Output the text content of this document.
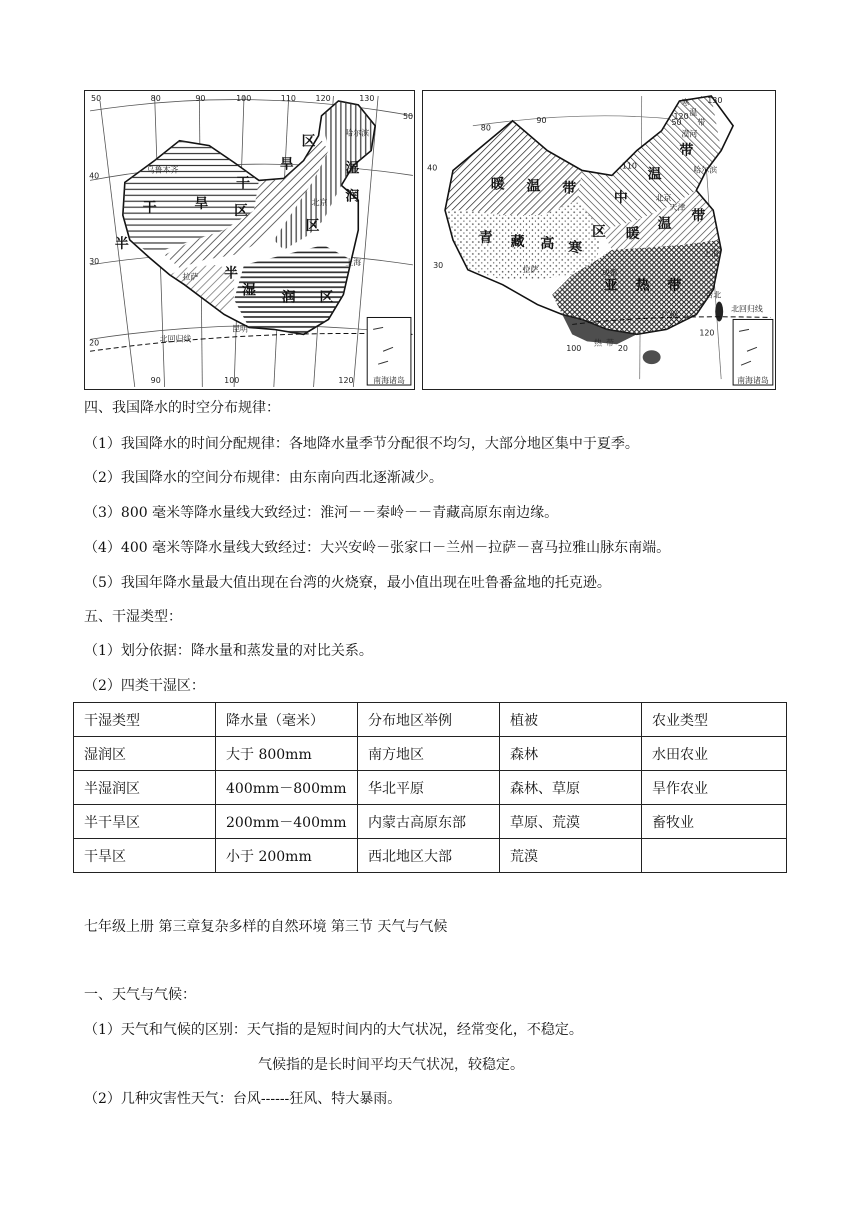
50	80	90	100	110 120	130
50
40
30
20
90	100	120
干	旱 区
半
干
旱
区
湿 润 区
半
湿
润
区
乌鲁木齐
北京
哈尔滨
上海
昆明
北回归线
拉萨
南海诸岛
80
90
110
120
130
50
40
30
20
100
120
暖 温 带
中
温
带
暖
温 带
青 藏 高 寒
区
亚 热 带
热 带
寒
温
带
漠河
哈尔滨
北京
天津
上海
台北
北回归线
拉萨	成都
广州
南海诸岛
四、我国降水的时空分布规律：
（1）我国降水的时间分配规律：各地降水量季节分配很不均匀，大部分地区集中于夏季。
（2）我国降水的空间分布规律：由东南向西北逐渐减少。
（3）800 毫米等降水量线大致经过：淮河－－秦岭－－青藏高原东南边缘。
（4）400 毫米等降水量线大致经过：大兴安岭－张家口－兰州－拉萨－喜马拉雅山脉东南端。
（5）我国年降水量最大值出现在台湾的火烧寮，最小值出现在吐鲁番盆地的托克逊。
五、干湿类型：
（1）划分依据：降水量和蒸发量的对比关系。
（2）四类干湿区：
干湿类型	降水量（毫米）	分布地区举例	植被	农业类型
湿润区	大于 800mm	南方地区	森林	水田农业
半湿润区	400mm－800mm	华北平原	森林、草原	旱作农业
半干旱区	200mm－400mm	内蒙古高原东部	草原、荒漠	畜牧业
干旱区	小于 200mm	西北地区大部	荒漠	
七年级上册 第三章复杂多样的自然环境 第三节 天气与气候
一、天气与气候：
（1）天气和气候的区别：天气指的是短时间内的大气状况，经常变化，不稳定。
气候指的是长时间平均天气状况，较稳定。
（2）几种灾害性天气：台风------狂风、特大暴雨。
